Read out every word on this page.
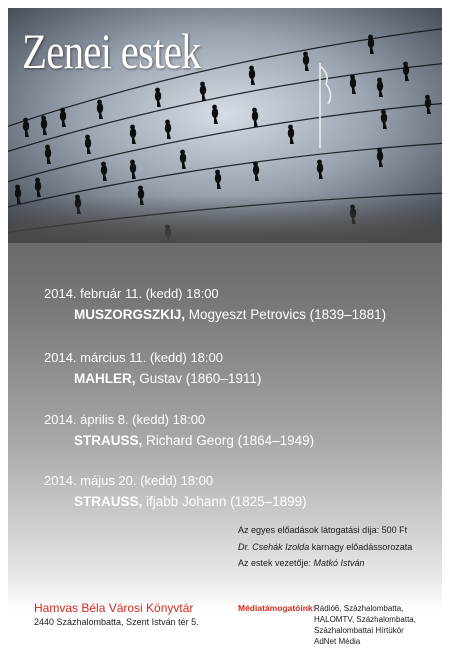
Zenei estek
2014. február 11. (kedd) 18:00
MUSZORGSZKIJ, Mogyeszt Petrovics (1839–1881)
2014. március 11. (kedd) 18:00
MAHLER, Gustav (1860–1911)
2014. április 8. (kedd) 18:00
STRAUSS, Richard Georg (1864–1949)
2014. május 20. (kedd) 18:00
STRAUSS, ifjabb Johann (1825–1899)
Az egyes előadások látogatási díja: 500 Ft
Dr. Csehák Izolda karnagy előadássorozata
Az estek vezetője: Matkó István
Hamvas Béla Városi Könyvtár
2440 Százhalombatta, Szent István tér 5.
Médiatámogatóink:
Rádió6, Százhalombatta,
HALOMTV, Százhalombatta,
Százhalombattai Hírtükör
AdNet Média
